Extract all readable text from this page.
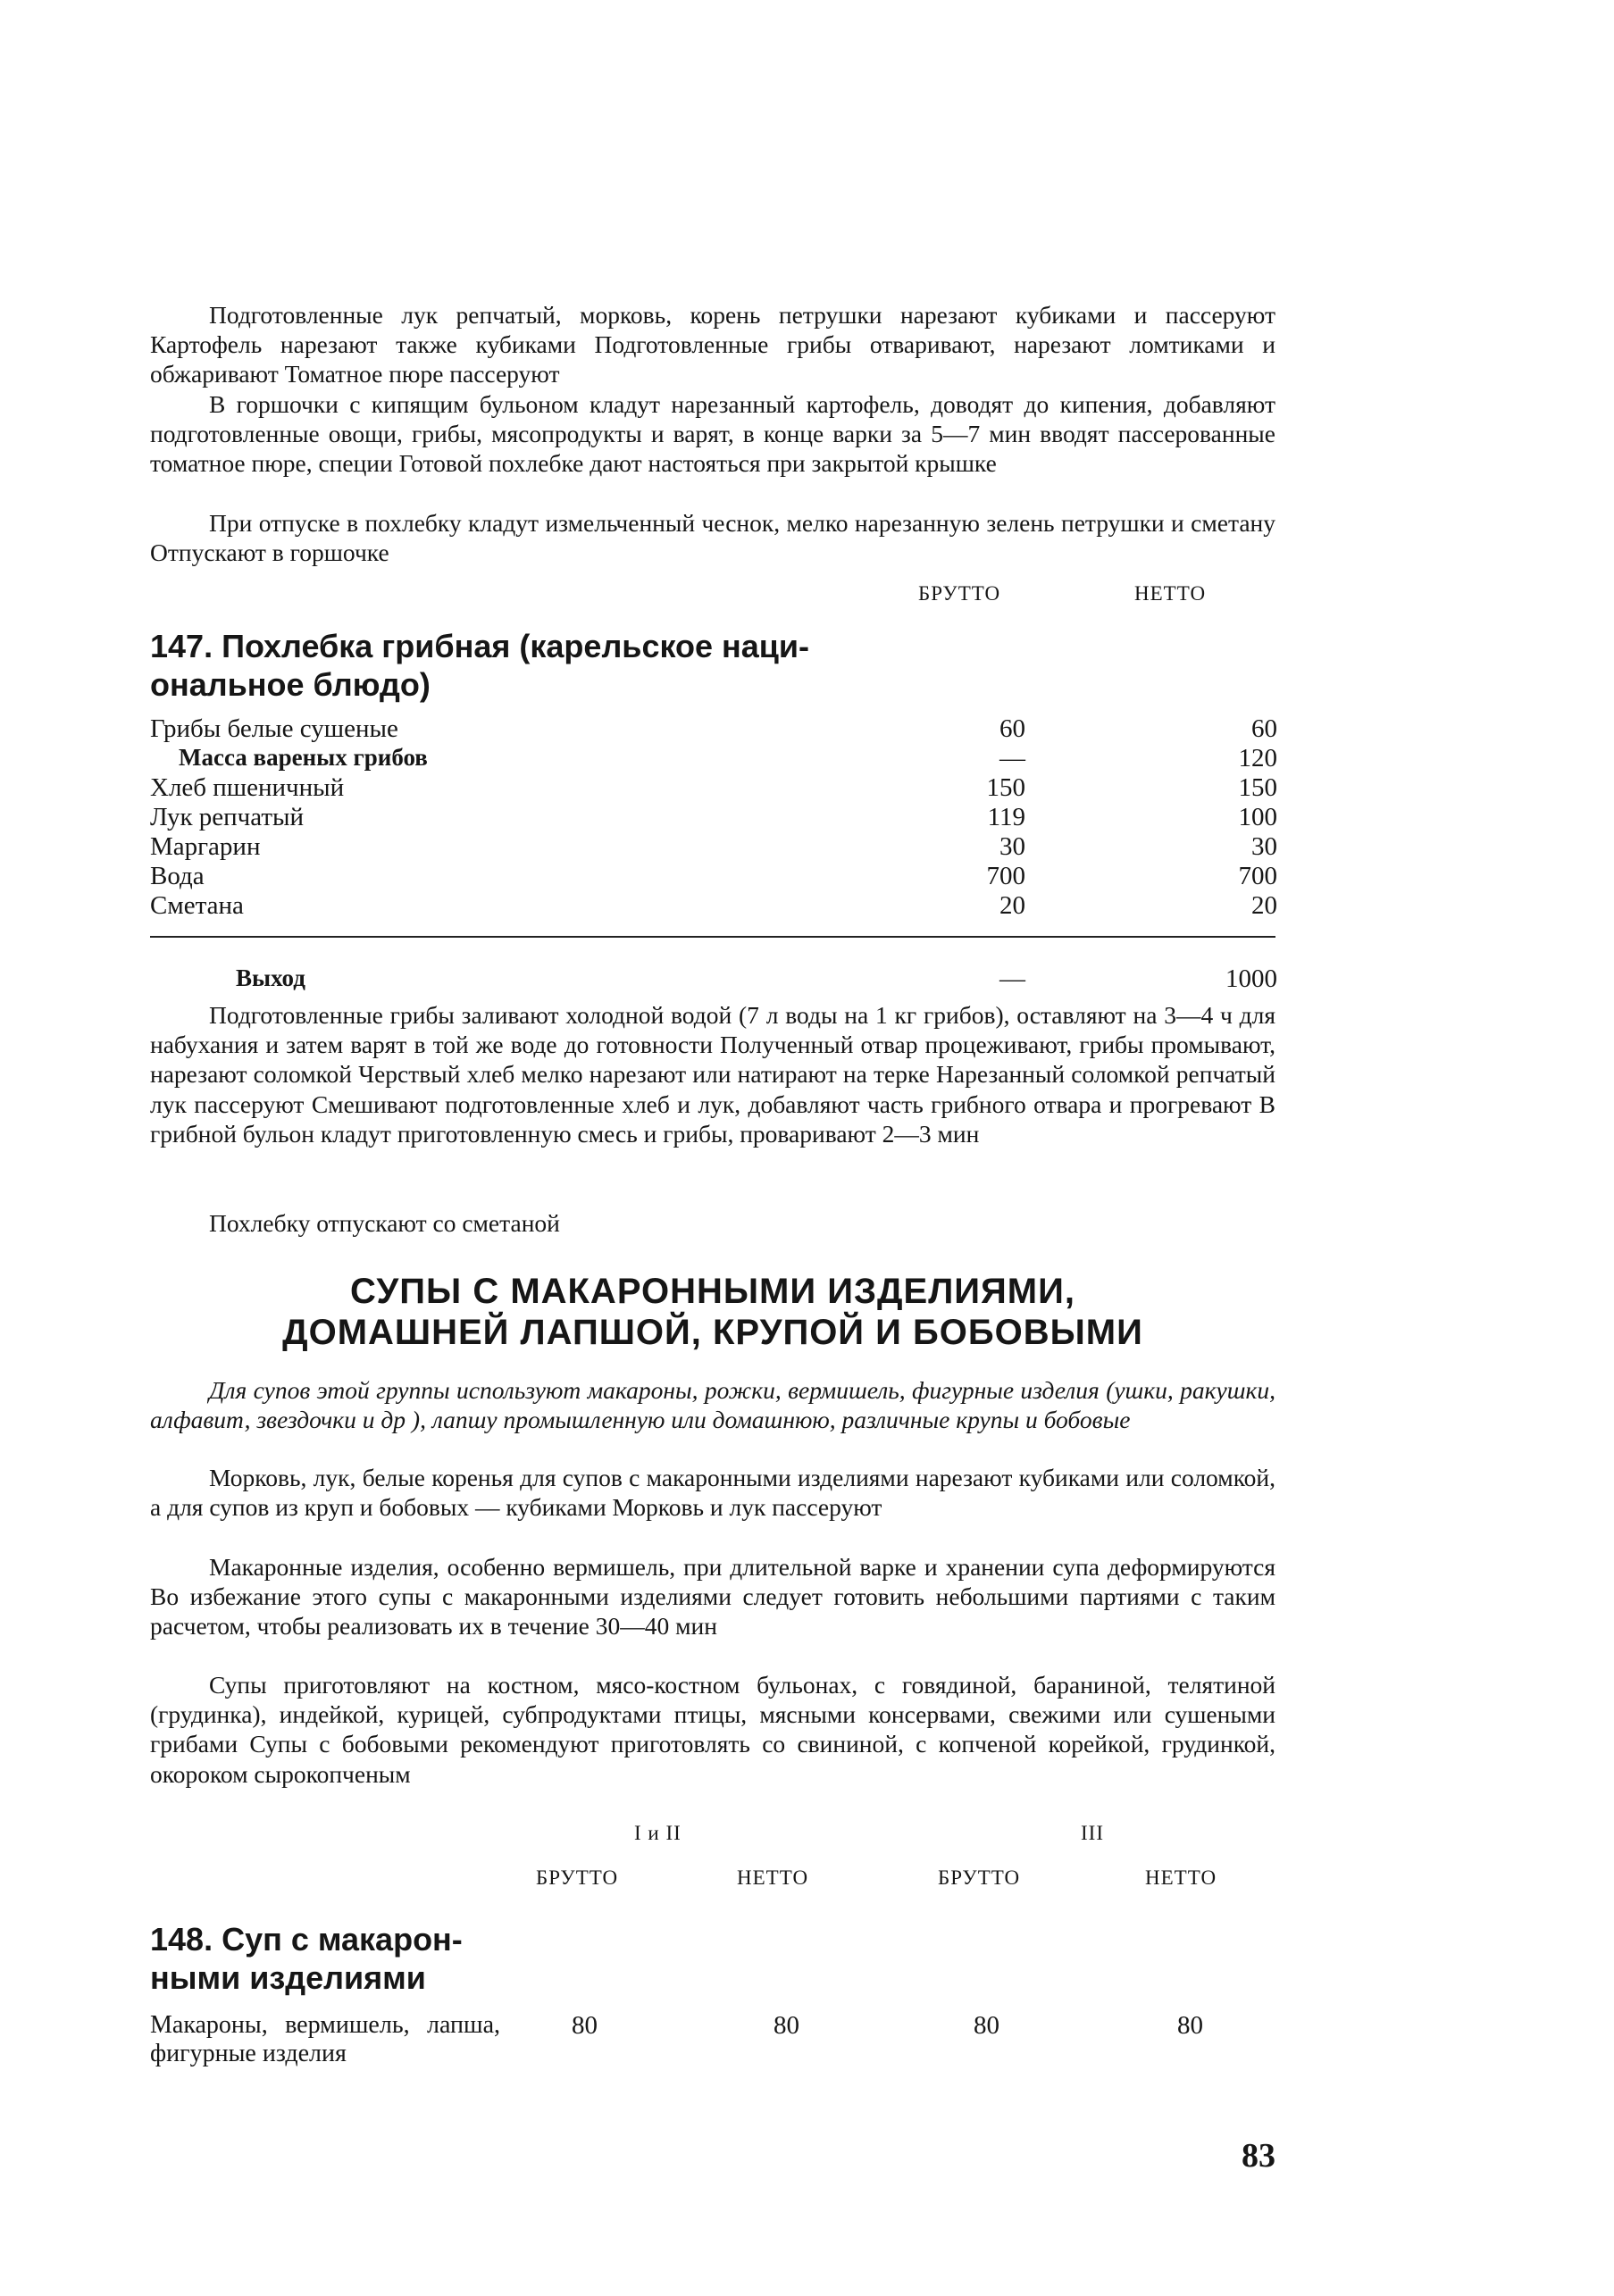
83

Подготовленные лук репчатый, морковь, корень петрушки нарезают кубиками и пассеруют Картофель нарезают также кубиками Подготовленные грибы отваривают, нарезают ломтиками и обжаривают Томатное пюре пассеруют

В горшочки с кипящим бульоном кладут нарезанный картофель, доводят до кипения, добавляют подготовленные овощи, грибы, мясопродукты и варят, в конце варки за 5—7 мин вводят пассерованные томатное пюре, специи Готовой похлебке дают настояться при закрытой крышке

При отпуске в похлебку кладут измельченный чеснок, мелко нарезанную зелень петрушки и сметану Отпускают в горшочке

БРУТТО	НЕТТО
147. Похлебка грибная (карельское наци-
ональное блюдо)
Грибы белые сушеные	60	60
Масса вареных грибов	—	120
Хлеб пшеничный	150	150
Лук репчатый	119	100
Маргарин	30	30
Вода	700	700
Сметана	20	20
Выход	—	1000

Подготовленные грибы заливают холодной водой (7 л воды на 1 кг грибов), оставляют на 3—4 ч для набухания и затем варят в той же воде до готовности Полученный отвар процеживают, грибы промывают, нарезают соломкой Черствый хлеб мелко нарезают или натирают на терке Нарезанный соломкой репчатый лук пассеруют Смешивают подготовленные хлеб и лук, добавляют часть грибного отвара и прогревают В грибной бульон кладут приготовленную смесь и грибы, проваривают 2—3 мин

Похлебку отпускают со сметаной

СУПЫ С МАКАРОННЫМИ ИЗДЕЛИЯМИ,
ДОМАШНЕЙ ЛАПШОЙ, КРУПОЙ И БОБОВЫМИ

Для супов этой группы используют макароны, рожки, вермишель, фигурные изделия (ушки, ракушки, алфавит, звездочки и др ), лапшу промышленную или домашнюю, различные крупы и бобовые

Морковь, лук, белые коренья для супов с макаронными изделиями нарезают кубиками или соломкой, а для супов из круп и бобовых — кубиками Морковь и лук пассеруют

Макаронные изделия, особенно вермишель, при длительной варке и хранении супа деформируются Во избежание этого супы с макаронными изделиями следует готовить небольшими партиями с таким расчетом, чтобы реализовать их в течение 30—40 мин

Супы приготовляют на костном, мясо-костном бульонах, с говядиной, бараниной, телятиной (грудинка), индейкой, курицей, субпродуктами птицы, мясными консервами, свежими или сушеными грибами Супы с бобовыми рекомендуют приготовлять со свининой, с копченой корейкой, грудинкой, окороком сырокопченым

I и II	III
БРУТТО	НЕТТО	БРУТТО	НЕТТО
148. Суп с макарон-
ными изделиями
Макароны, вермишель, лапша, фигурные изделия
80	80	80	80
